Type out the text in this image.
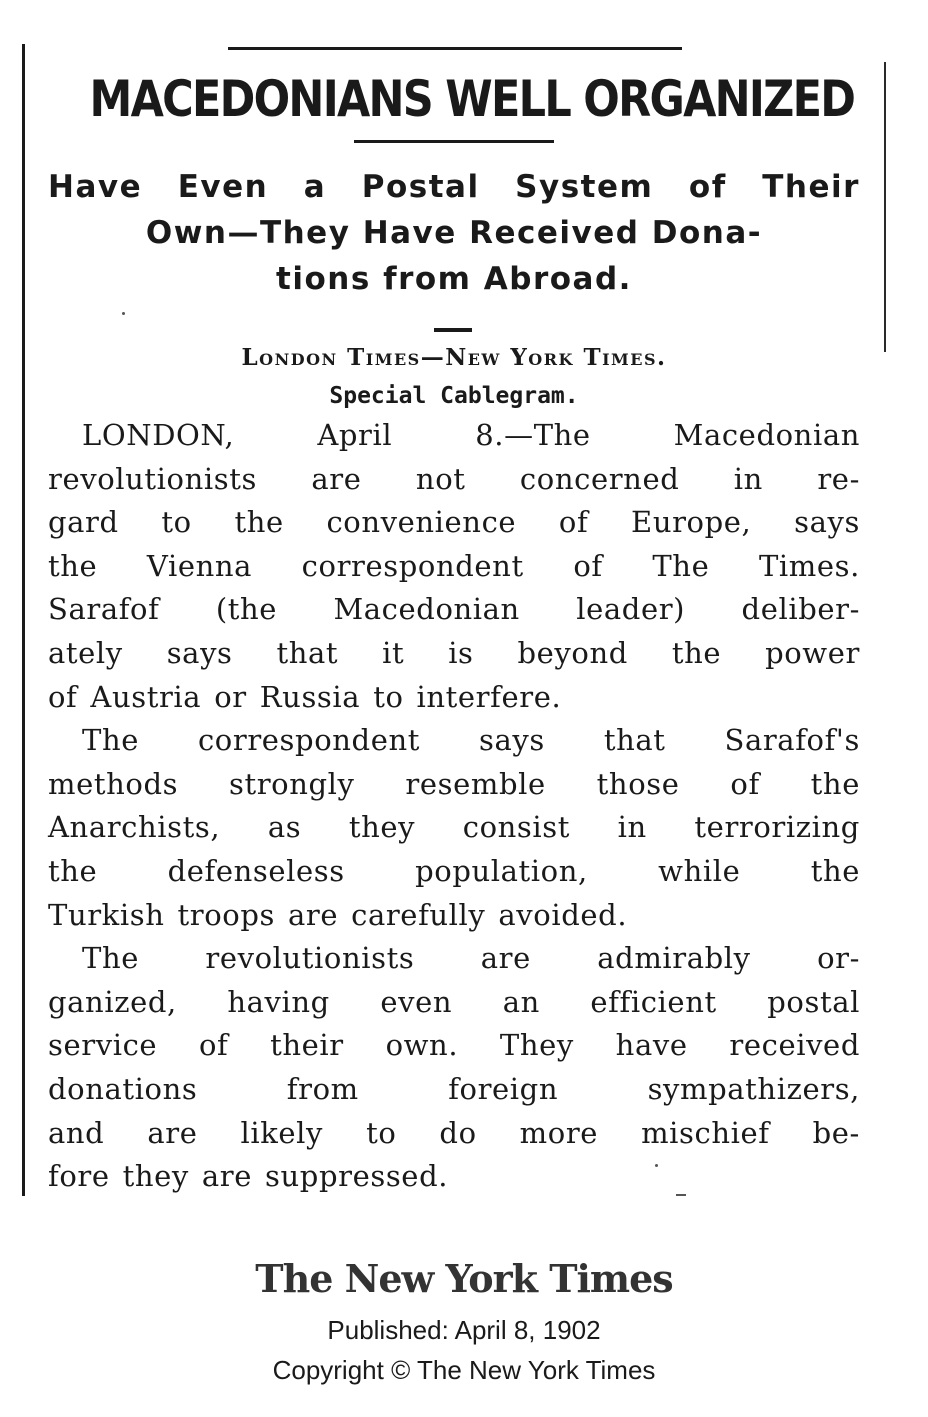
MACEDONIANS WELL ORGANIZED
Have Even a Postal System of Their
Own—They Have Received Dona-
tions from Abroad.
London Times—New York Times.
Special Cablegram.
LONDON,	April	8.—The	Macedonian
revolutionists are not concerned in re-
gard to the convenience of Europe, says
the Vienna correspondent of The Times.
Sarafof (the Macedonian leader) deliber-
ately says that it is beyond the power
of Austria or Russia to interfere.
The correspondent says that Sarafof's
methods strongly resemble those of the
Anarchists, as they consist in terrorizing
the defenseless population, while the
Turkish troops are carefully avoided.
The revolutionists are admirably or-
ganized, having even an efficient postal
service of their own. They have received
donations	from	foreign	sympathizers,
and are likely to do more mischief be-
fore they are suppressed.
The New York Times
Published: April 8, 1902
Copyright © The New York Times
